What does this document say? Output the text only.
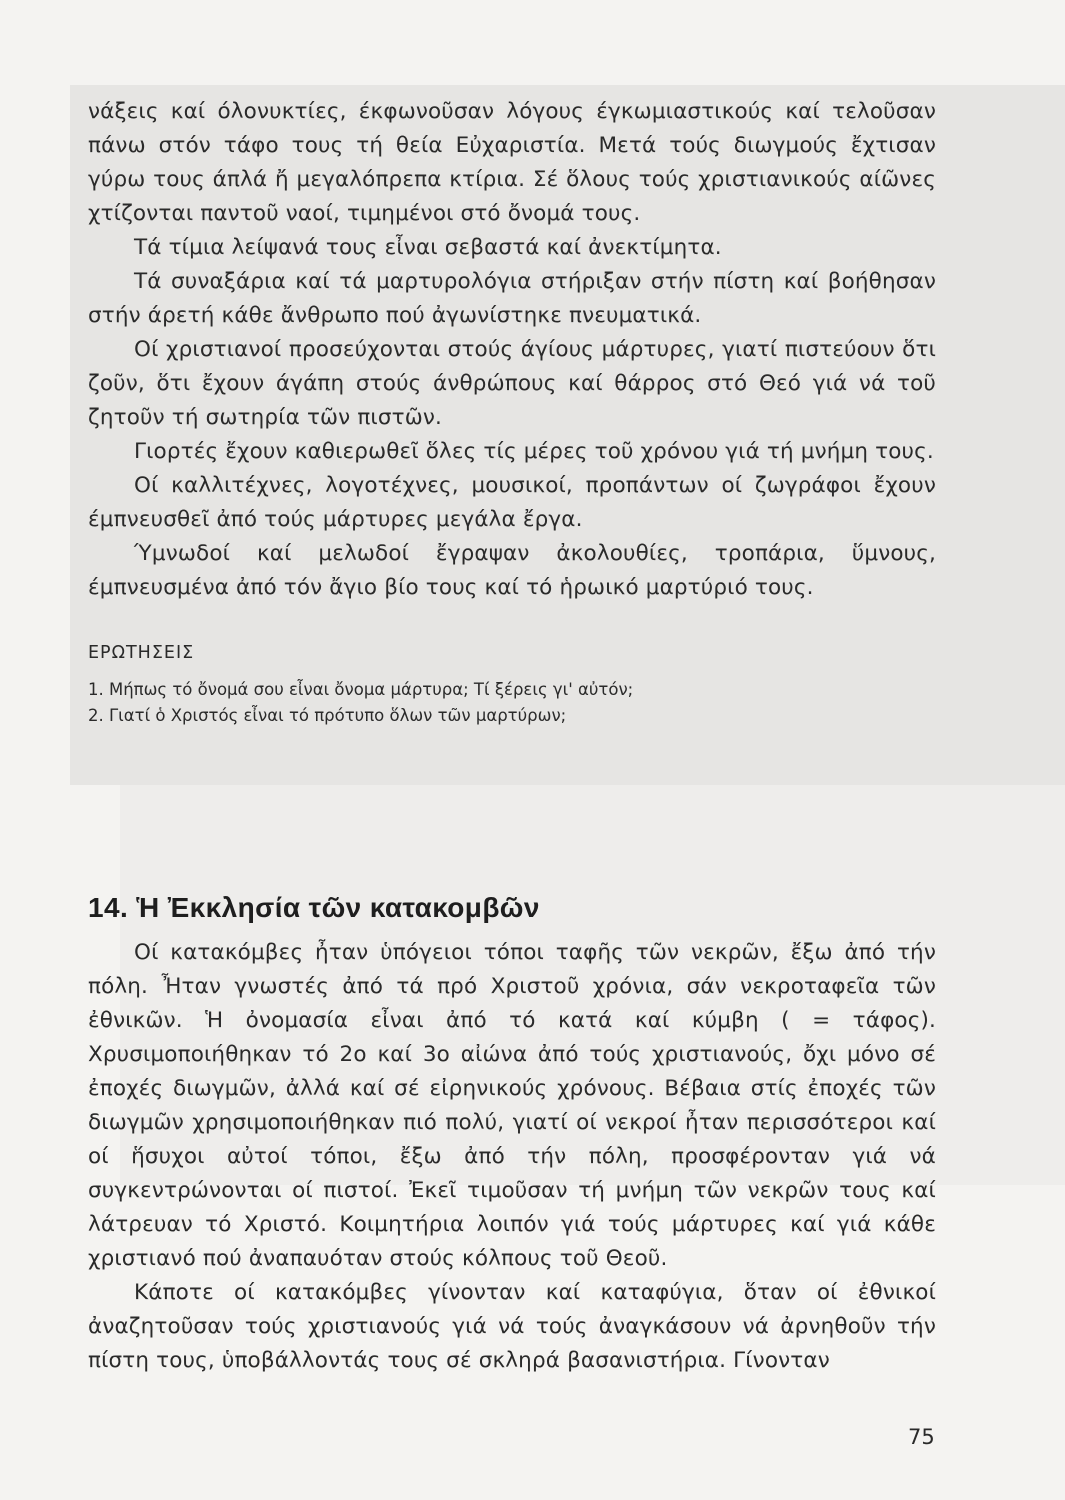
νάξεις καί όλονυκτίες, έκφωνοῦσαν λόγους έγκωμιαστικούς καί τελοῦσαν πάνω στόν τάφο τους τή θεία Εὐχαριστία. Μετά τούς διωγμούς ἔχτισαν γύρω τους άπλά ἤ μεγαλόπρεπα κτίρια. Σέ ὅλους τούς χριστιανικούς αίῶνες χτίζονται παντοῦ ναοί, τιμημένοι στό ὄνομά τους.

Τά τίμια λείψανά τους εἶναι σεβαστά καί ἀνεκτίμητα.

Τά συναξάρια καί τά μαρτυρολόγια στήριξαν στήν πίστη καί βοήθησαν στήν άρετή κάθε ἄνθρωπο πού ἀγωνίστηκε πνευματικά.

Οί χριστιανοί προσεύχονται στούς άγίους μάρτυρες, γιατί πιστεύουν ὅτι ζοῦν, ὅτι ἔχουν άγάπη στούς άνθρώπους καί θάρρος στό Θεό γιά νά τοῦ ζητοῦν τή σωτηρία τῶν πιστῶν.

Γιορτές ἔχουν καθιερωθεῖ ὅλες τίς μέρες τοῦ χρόνου γιά τή μνήμη τους.

Οί καλλιτέχνες, λογοτέχνες, μουσικοί, προπάντων οί ζωγράφοι ἔχουν έμπνευσθεῖ ἀπό τούς μάρτυρες μεγάλα ἔργα.

Ύμνωδοί καί μελωδοί ἔγραψαν ἀκολουθίες, τροπάρια, ὕμνους, έμπνευσμένα ἀπό τόν ἄγιο βίο τους καί τό ἡρωικό μαρτύριό τους.

ΕΡΩΤΗΣΕΙΣ

1. Μήπως τό ὄνομά σου εἶναι ὄνομα μάρτυρα; Τί ξέρεις γι' αὐτόν;

2. Γιατί ὁ Χριστός εἶναι τό πρότυπο ὅλων τῶν μαρτύρων;

14. Ἡ Ἐκκλησία τῶν κατακομβῶν

Οί κατακόμβες ἦταν ὑπόγειοι τόποι ταφῆς τῶν νεκρῶν, ἔξω ἀπό τήν πόλη. Ἦταν γνωστές ἀπό τά πρό Χριστοῦ χρόνια, σάν νεκροταφεῖα τῶν ἐθνικῶν. Ἡ ὀνομασία εἶναι ἀπό τό κατά καί κύμβη ( = τάφος). Χρυσιμοποιήθηκαν τό 2ο καί 3ο αἰώνα ἀπό τούς χριστιανούς, ὄχι μόνο σέ ἐποχές διωγμῶν, ἀλλά καί σέ εἰρηνικούς χρόνους. Βέβαια στίς ἐποχές τῶν διωγμῶν χρησιμοποιήθηκαν πιό πολύ, γιατί οί νεκροί ἦταν περισσότεροι καί οί ἥσυχοι αὐτοί τόποι, ἔξω ἀπό τήν πόλη, προσφέρονταν γιά νά συγκεντρώνονται οί πιστοί. Ἐκεῖ τιμοῦσαν τή μνήμη τῶν νεκρῶν τους καί λάτρευαν τό Χριστό. Κοιμητήρια λοιπόν γιά τούς μάρτυρες καί γιά κάθε χριστιανό πού ἀναπαυόταν στούς κόλπους τοῦ Θεοῦ.

Κάποτε οί κατακόμβες γίνονταν καί καταφύγια, ὅταν οί ἐθνικοί ἀναζητοῦσαν τούς χριστιανούς γιά νά τούς ἀναγκάσουν νά ἀρνηθοῦν τήν πίστη τους, ὑποβάλλοντάς τους σέ σκληρά βασανιστήρια. Γίνονταν

75
